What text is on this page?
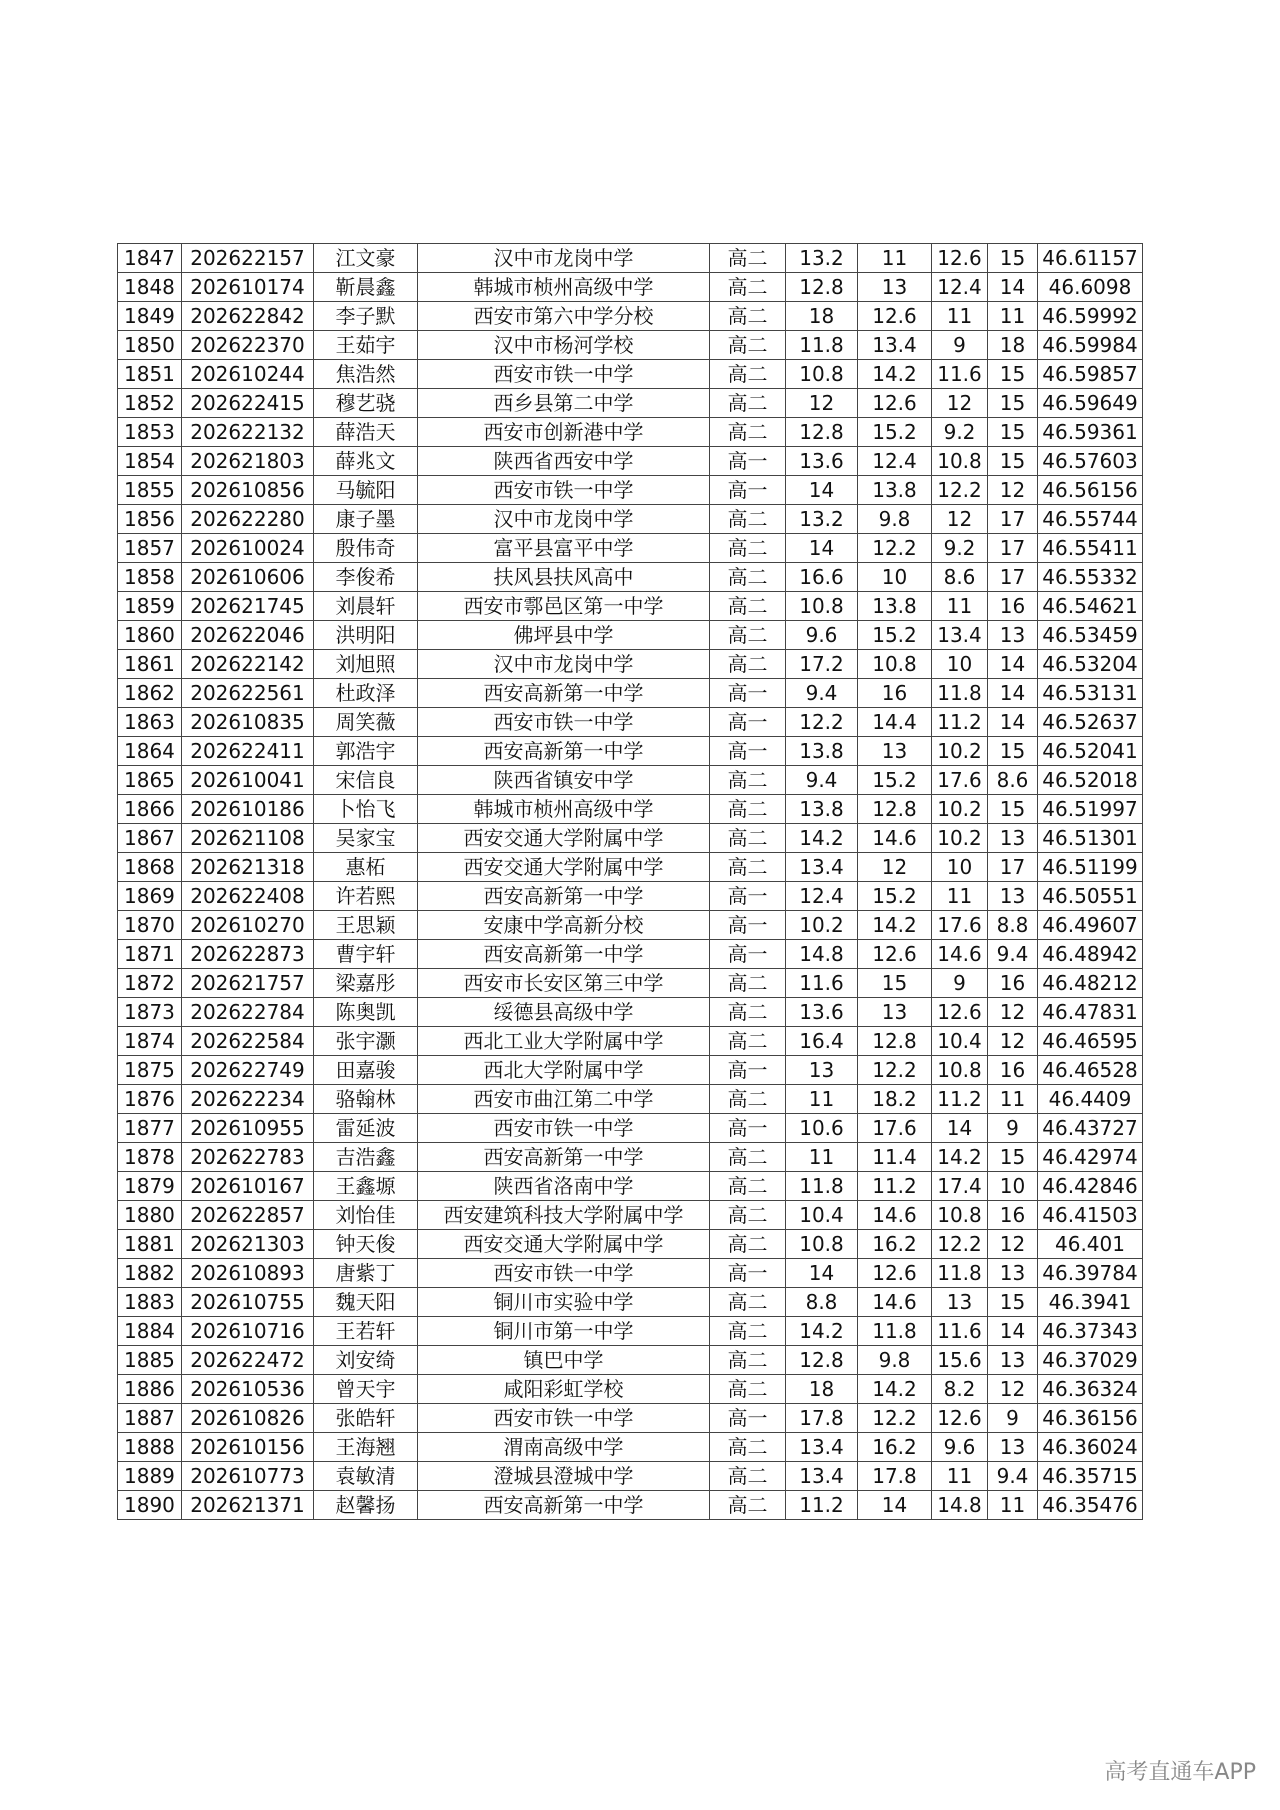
1847	202622157	江文豪	汉中市龙岗中学	高二	13.2	11	12.6	15	46.61157
1848	202610174	靳晨鑫	韩城市桢州高级中学	高二	12.8	13	12.4	14	46.6098
1849	202622842	李子默	西安市第六中学分校	高二	18	12.6	11	11	46.59992
1850	202622370	王茹宇	汉中市杨河学校	高二	11.8	13.4	9	18	46.59984
1851	202610244	焦浩然	西安市铁一中学	高二	10.8	14.2	11.6	15	46.59857
1852	202622415	穆艺骁	西乡县第二中学	高二	12	12.6	12	15	46.59649
1853	202622132	薛浩天	西安市创新港中学	高二	12.8	15.2	9.2	15	46.59361
1854	202621803	薛兆文	陕西省西安中学	高一	13.6	12.4	10.8	15	46.57603
1855	202610856	马毓阳	西安市铁一中学	高一	14	13.8	12.2	12	46.56156
1856	202622280	康子墨	汉中市龙岗中学	高二	13.2	9.8	12	17	46.55744
1857	202610024	殷伟奇	富平县富平中学	高二	14	12.2	9.2	17	46.55411
1858	202610606	李俊希	扶风县扶风高中	高二	16.6	10	8.6	17	46.55332
1859	202621745	刘晨轩	西安市鄠邑区第一中学	高二	10.8	13.8	11	16	46.54621
1860	202622046	洪明阳	佛坪县中学	高二	9.6	15.2	13.4	13	46.53459
1861	202622142	刘旭照	汉中市龙岗中学	高二	17.2	10.8	10	14	46.53204
1862	202622561	杜政泽	西安高新第一中学	高一	9.4	16	11.8	14	46.53131
1863	202610835	周笑薇	西安市铁一中学	高一	12.2	14.4	11.2	14	46.52637
1864	202622411	郭浩宇	西安高新第一中学	高一	13.8	13	10.2	15	46.52041
1865	202610041	宋信良	陕西省镇安中学	高二	9.4	15.2	17.6	8.6	46.52018
1866	202610186	卜怡飞	韩城市桢州高级中学	高二	13.8	12.8	10.2	15	46.51997
1867	202621108	吴家宝	西安交通大学附属中学	高二	14.2	14.6	10.2	13	46.51301
1868	202621318	惠柘	西安交通大学附属中学	高二	13.4	12	10	17	46.51199
1869	202622408	许若熙	西安高新第一中学	高一	12.4	15.2	11	13	46.50551
1870	202610270	王思颖	安康中学高新分校	高一	10.2	14.2	17.6	8.8	46.49607
1871	202622873	曹宇轩	西安高新第一中学	高一	14.8	12.6	14.6	9.4	46.48942
1872	202621757	梁嘉彤	西安市长安区第三中学	高二	11.6	15	9	16	46.48212
1873	202622784	陈奥凯	绥德县高级中学	高二	13.6	13	12.6	12	46.47831
1874	202622584	张宇灏	西北工业大学附属中学	高二	16.4	12.8	10.4	12	46.46595
1875	202622749	田嘉骏	西北大学附属中学	高一	13	12.2	10.8	16	46.46528
1876	202622234	骆翰林	西安市曲江第二中学	高二	11	18.2	11.2	11	46.4409
1877	202610955	雷延波	西安市铁一中学	高一	10.6	17.6	14	9	46.43727
1878	202622783	吉浩鑫	西安高新第一中学	高二	11	11.4	14.2	15	46.42974
1879	202610167	王鑫塬	陕西省洛南中学	高二	11.8	11.2	17.4	10	46.42846
1880	202622857	刘怡佳	西安建筑科技大学附属中学	高二	10.4	14.6	10.8	16	46.41503
1881	202621303	钟天俊	西安交通大学附属中学	高二	10.8	16.2	12.2	12	46.401
1882	202610893	唐紫丁	西安市铁一中学	高一	14	12.6	11.8	13	46.39784
1883	202610755	魏天阳	铜川市实验中学	高二	8.8	14.6	13	15	46.3941
1884	202610716	王若轩	铜川市第一中学	高二	14.2	11.8	11.6	14	46.37343
1885	202622472	刘安绮	镇巴中学	高二	12.8	9.8	15.6	13	46.37029
1886	202610536	曾天宇	咸阳彩虹学校	高二	18	14.2	8.2	12	46.36324
1887	202610826	张皓轩	西安市铁一中学	高一	17.8	12.2	12.6	9	46.36156
1888	202610156	王海翘	渭南高级中学	高二	13.4	16.2	9.6	13	46.36024
1889	202610773	袁敏清	澄城县澄城中学	高二	13.4	17.8	11	9.4	46.35715
1890	202621371	赵馨扬	西安高新第一中学	高二	11.2	14	14.8	11	46.35476
高考直通车APP
